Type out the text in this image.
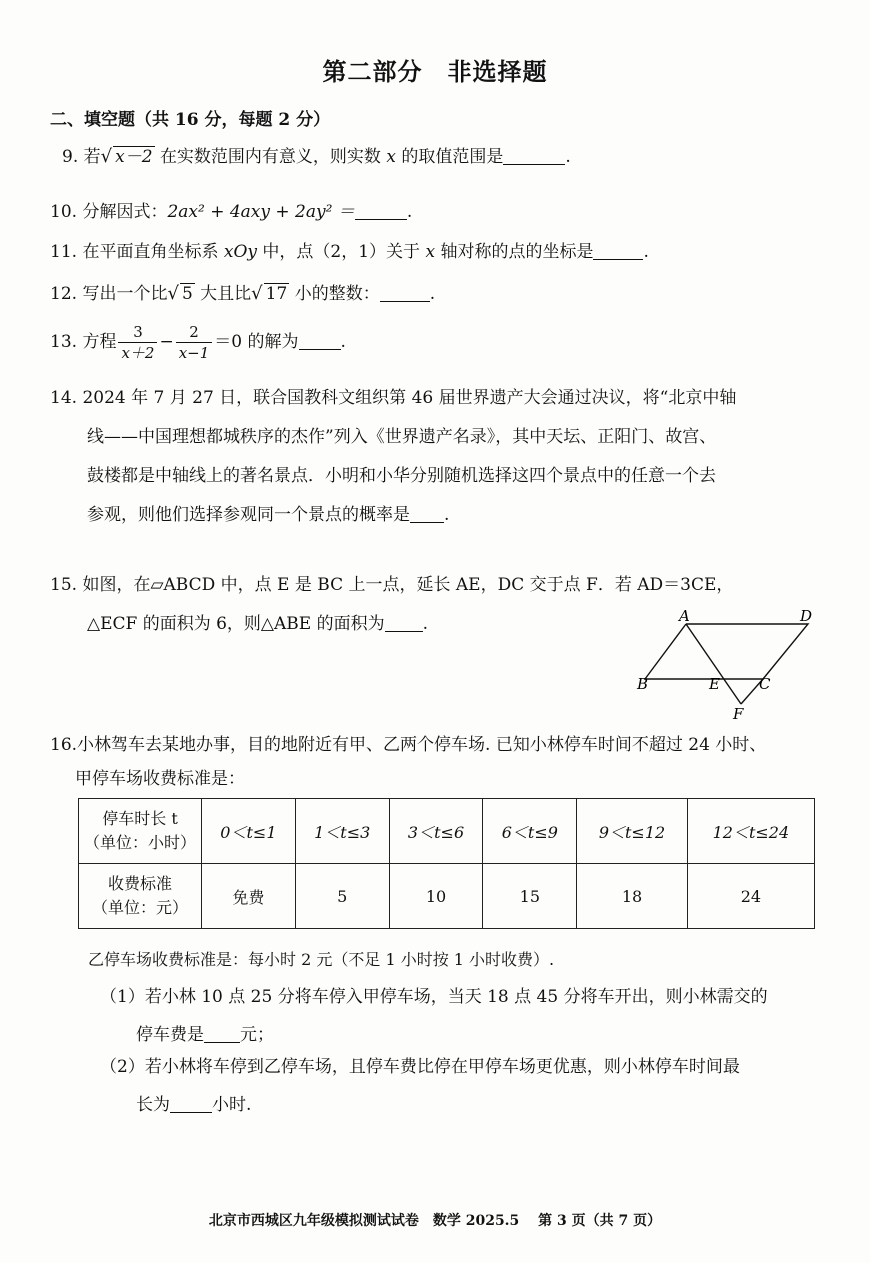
第二部分　非选择题
二、填空题（共 16 分，每题 2 分）
9. 若√ x－2 在实数范围内有意义，则实数 x 的取值范围是	.
10. 分解因式：2ax² + 4axy + 2ay² ＝	.
11. 在平面直角坐标系 xOy 中，点（2，1）关于 x 轴对称的点的坐标是	.
12. 写出一个比√ 5 大且比√ 17 小的整数：	.
13. 方程 $\frac{3}{x+2} - \frac{2}{x-1} =0$ 的解为 .
14. 2024 年 7 月 27 日，联合国教科文组织第 46 届世界遗产大会通过决议，将“北京中轴
线——中国理想都城秩序的杰作”列入《世界遗产名录》，其中天坛、正阳门、故宫、
鼓楼都是中轴线上的著名景点．小明和小华分别随机选择这四个景点中的任意一个去
参观，则他们选择参观同一个景点的概率是 .
15. 如图，在▱ABCD 中，点 E 是 BC 上一点，延长 AE，DC 交于点 F．若 AD＝3CE，
△ECF 的面积为 6，则△ABE 的面积为 .	A	D
B	E	C
F
16.小林驾车去某地办事，目的地附近有甲、乙两个停车场. 已知小林停车时间不超过 24 小时、
甲停车场收费标准是：
停车时长 t
（单位：小时）	0＜t≤1	1＜t≤3	3＜t≤6	6＜t≤9	9＜t≤12	12＜t≤24

收费标准
（单位：元）	免费	5	10	15	18	24
乙停车场收费标准是：每小时 2 元（不足 1 小时按 1 小时收费）.
（1）若小林 10 点 25 分将车停入甲停车场，当天 18 点 45 分将车开出，则小林需交的
停车费是 元；
（2）若小林将车停到乙停车场，且停车费比停在甲停车场更优惠，则小林停车时间最
长为 小时.
北京市西城区九年级模拟测试试卷　数学 2025.5　 第 3 页（共 7 页）
